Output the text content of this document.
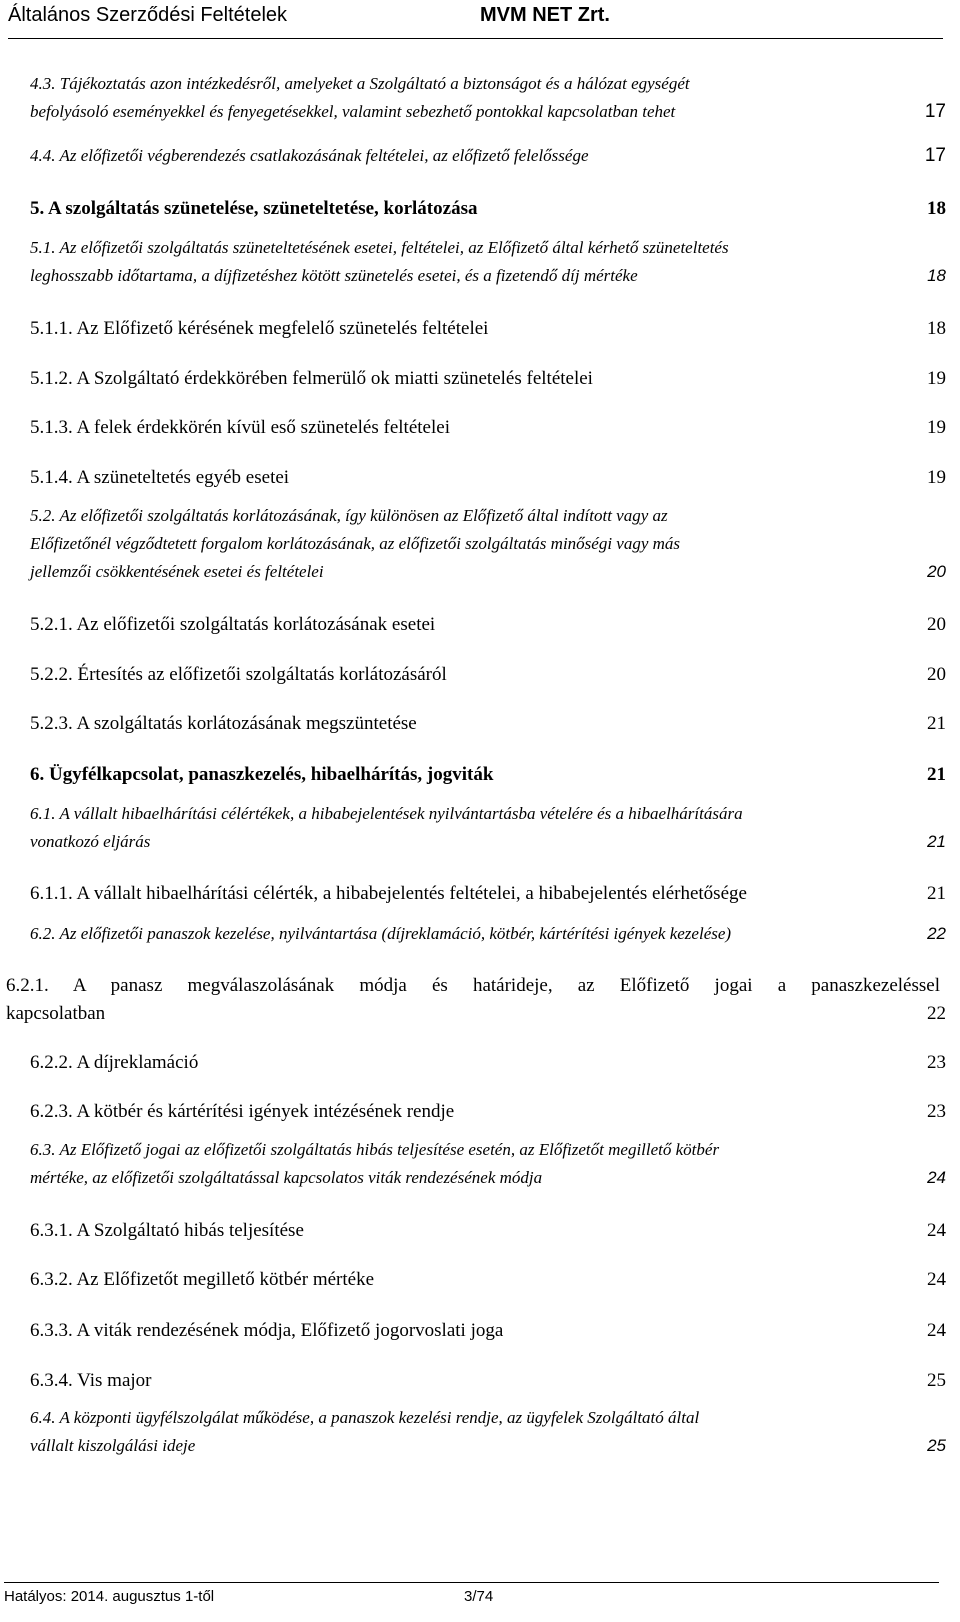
Általános Szerződési Feltételek	MVM NET Zrt.
4.3. Tájékoztatás azon intézkedésről, amelyeket a Szolgáltató a biztonságot és a hálózat egységét
befolyásoló eseményekkel és fenyegetésekkel, valamint sebezhető pontokkal kapcsolatban tehet	17
4.4. Az előfizetői végberendezés csatlakozásának feltételei, az előfizető felelőssége	17
5. A szolgáltatás szünetelése, szüneteltetése, korlátozása	18
5.1. Az előfizetői szolgáltatás szüneteltetésének esetei, feltételei, az Előfizető által kérhető szüneteltetés
leghosszabb időtartama, a díjfizetéshez kötött szünetelés esetei, és a fizetendő díj mértéke	18
5.1.1. Az Előfizető kérésének megfelelő szünetelés feltételei	18
5.1.2. A Szolgáltató érdekkörében felmerülő ok miatti szünetelés feltételei	19
5.1.3. A felek érdekkörén kívül eső szünetelés feltételei	19
5.1.4. A szüneteltetés egyéb esetei	19
5.2. Az előfizetői szolgáltatás korlátozásának, így különösen az Előfizető által indított vagy az
Előfizetőnél végződtetett forgalom korlátozásának, az előfizetői szolgáltatás minőségi vagy más
jellemzői csökkentésének esetei és feltételei	20
5.2.1. Az előfizetői szolgáltatás korlátozásának esetei	20
5.2.2. Értesítés az előfizetői szolgáltatás korlátozásáról	20
5.2.3. A szolgáltatás korlátozásának megszüntetése	21
6. Ügyfélkapcsolat, panaszkezelés, hibaelhárítás, jogviták	21
6.1. A vállalt hibaelhárítási célértékek, a hibabejelentések nyilvántartásba vételére és a hibaelhárítására
vonatkozó eljárás	21
6.1.1. A vállalt hibaelhárítási célérték, a hibabejelentés feltételei, a hibabejelentés elérhetősége	21
6.2. Az előfizetői panaszok kezelése, nyilvántartása (díjreklamáció, kötbér, kártérítési igények kezelése)	22
6.2.1. A panasz megválaszolásának módja és határideje, az Előfizető jogai a panaszkezeléssel
kapcsolatban	22
6.2.2. A díjreklamáció	23
6.2.3. A kötbér és kártérítési igények intézésének rendje	23
6.3. Az Előfizető jogai az előfizetői szolgáltatás hibás teljesítése esetén, az Előfizetőt megillető kötbér
mértéke, az előfizetői szolgáltatással kapcsolatos viták rendezésének módja	24
6.3.1. A Szolgáltató hibás teljesítése	24
6.3.2. Az Előfizetőt megillető kötbér mértéke	24
6.3.3. A viták rendezésének módja, Előfizető jogorvoslati joga	24
6.3.4. Vis major	25
6.4. A központi ügyfélszolgálat működése, a panaszok kezelési rendje, az ügyfelek Szolgáltató által
vállalt kiszolgálási ideje	25
Hatályos: 2014. augusztus 1-től	3/74
